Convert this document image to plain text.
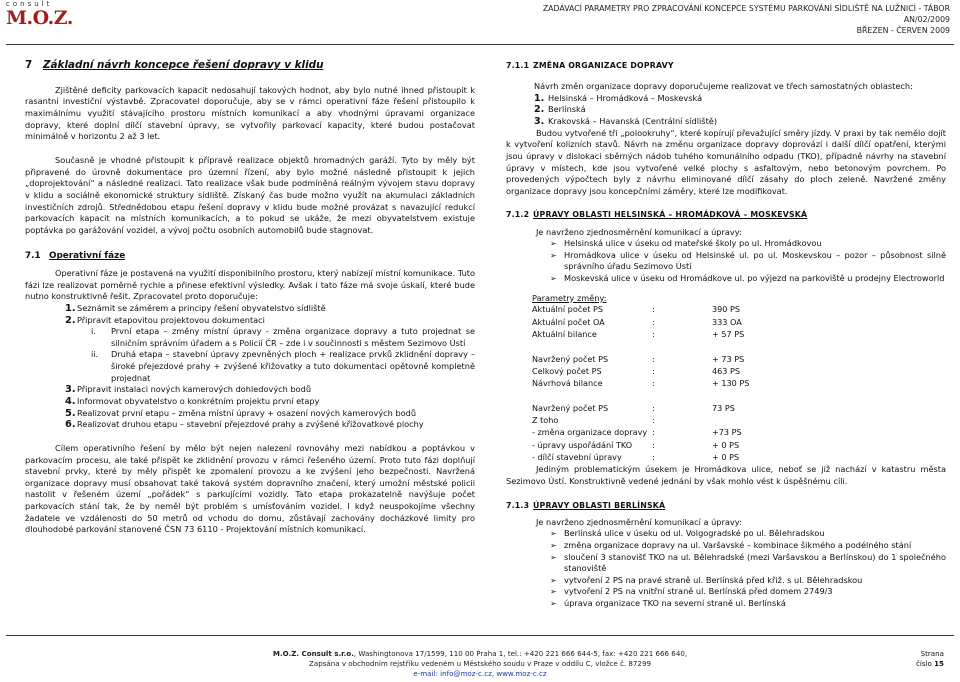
consult
M.O.Z.	ZADÁVACÍ PARAMETRY PRO ZPRACOVÁNÍ KONCEPCE SYSTÉMU PARKOVÁNÍ SÍDLIŠTĚ NA LUŽNICÍ - TÁBOR
AN/02/2009
BŘEZEN - ČERVEN 2009
7 Základní návrh koncepce řešení dopravy v klidu

Zjištěné deficity parkovacích kapacit nedosahují takových hodnot, aby bylo nutné ihned přistoupit k rasantní investiční výstavbě. Zpracovatel doporučuje, aby se v rámci operativní fáze řešení přistoupilo k maximálnímu využití stávajícího prostoru místních komunikací a aby vhodnými úpravami organizace dopravy, které doplní dílčí stavební úpravy, se vytvořily parkovací kapacity, které budou postačovat minimálně v horizontu 2 až 3 let.

Současně je vhodné přistoupit k přípravě realizace objektů hromadných garáží. Tyto by měly být připravené do úrovně dokumentace pro územní řízení, aby bylo možné následně přistoupit k jejich „doprojektování“ a následné realizaci. Tato realizace však bude podmíněná reálným vývojem stavu dopravy v klidu a sociálně ekonomické struktury sídliště. Získaný čas bude možno využít na akumulaci základních investičních zdrojů. Střednědobou etapu řešení dopravy v klidu bude možné provázat s navazující redukcí parkovacích kapacit na místních komunikacích, a to pokud se ukáže, že mezi obyvatelstvem existuje poptávka po garážování vozidel, a vývoj počtu osobních automobilů bude stagnovat.

7.1 Operativní fáze

Operativní fáze je postavená na využití disponibilního prostoru, který nabízejí místní komunikace. Tuto fázi lze realizovat poměrně rychle a přinese efektivní výsledky. Avšak i tato fáze má svoje úskalí, které bude nutno konstruktivně řešit. Zpracovatel proto doporučuje:

1. Seznámit se záměrem a principy řešení obyvatelstvo sídliště
2. Připravit etapovitou projektovou dokumentaci
i. První etapa – změny místní úpravy - změna organizace dopravy a tuto projednat se silničním správním úřadem a s Policií ČR – zde i v součinnosti s městem Sezimovo Ústí
ii. Druhá etapa – stavební úpravy zpevněných ploch + realizace prvků zklidnění dopravy – široké přejezdové prahy + zvýšené křižovatky a tuto dokumentaci opětovně kompletně projednat
3. Připravit instalaci nových kamerových dohledových bodů
4. Informovat obyvatelstvo o konkrétním projektu první etapy
5. Realizovat první etapu – změna místní úpravy + osazení nových kamerových bodů
6. Realizovat druhou etapu – stavební přejezdové prahy a zvýšené křižovatkové plochy

Cílem operativního řešení by mělo být nejen nalezení rovnováhy mezi nabídkou a poptávkou v parkovacím procesu, ale také přispět ke zklidnění provozu v rámci řešeného území. Proto tuto fázi doplňují stavební prvky, které by měly přispět ke zpomalení provozu a ke zvýšení jeho bezpečnosti. Navržená organizace dopravy musí obsahovat také taková systém dopravního značení, který umožní městské policii nastolit v řešeném území „pořádek“ s parkujícími vozidly. Tato etapa prokazatelně navýšuje počet parkovacích stání tak, že by neměl být problém s umísťováním vozidel. I když neuspokojíme všechny žadatele ve vzdálenosti do 50 metrů od vchodu do domu, zůstávají zachovány docházkové limity pro dlouhodobé parkování stanovené ČSN 73 6110 - Projektování místních komunikací.

7.1.1 ZMĚNA ORGANIZACE DOPRAVY

Návrh změn organizace dopravy doporučujeme realizovat ve třech samostatných oblastech:

1. Helsinská – Hromádková – Moskevská
2. Berlínská
3. Krakovská – Havanská (Centrální sídliště)

Budou vytvořené tři „polookruhy“, které kopírují převažující směry jízdy. V praxi by tak nemělo dojít k vytvoření kolizních stavů. Návrh na změnu organizace dopravy doprovází i další dílčí opatření, kterými jsou úpravy v dislokaci sběrných nádob tuhého komunálního odpadu (TKO), případně návrhy na stavební úpravy v místech, kde jsou vytvořené velké plochy s asfaltovým, nebo betonovým povrchem. Po provedených výpočtech byly z návrhu eliminované dílčí zásahy do ploch zeleně. Navržené změny organizace dopravy jsou koncepčními záměry, které lze modifikovat.

7.1.2 ÚPRAVY OBLASTI HELSINSKÁ – HROMÁDKOVÁ – MOSKEVSKÁ

Je navrženo zjednosměrnění komunikací a úpravy:

➢ Helsinská ulice v úseku od mateřské školy po ul. Hromádkovou
➢ Hromádkova ulice v úseku od Helsinské ul. po ul. Moskevskou – pozor – působnost silně správního úřadu Sezimovo Ústí
➢ Moskevská ulice v úseku od Hromádkove ul. po výjezd na parkoviště u prodejny Electroworld

Parametry změny:

Aktuální počet PS	:	390 PS
Aktuální počet OA	:	333 OA
Aktuální bilance	:	+ 57 PS

Navržený počet PS	:	+ 73 PS
Celkový počet PS	:	463 PS
Návrhová bilance	:	+ 130 PS

Navržený počet PS	:	73 PS
Z toho	:	
- změna organizace dopravy	:	+73 PS
- úpravy uspořádání TKO	:	+ 0 PS
- dílčí stavební úpravy	:	+ 0 PS

Jediným problematickým úsekem je Hromádkova ulice, neboť se již nachází v katastru města Sezimovo Ústí. Konstruktivně vedené jednání by však mohlo vést k úspěšnému cíli.

7.1.3 ÚPRAVY OBLASTI BERLÍNSKÁ

Je navrženo zjednosměrnění komunikací a úpravy:

➢ Berlínská ulice v úseku od ul. Volgogradské po ul. Bělehradskou
➢ změna organizace dopravy na ul. Varšavské – kombinace šikmého a podélného stání
➢ sloučení 3 stanovišť TKO na ul. Bělehradské (mezi Varšavskou a Berlínskou) do 1 společného stanoviště
➢ vytvoření 2 PS na pravé straně ul. Berlínská před křiž. s ul. Bělehradskou
➢ vytvoření 2 PS na vnitřní straně ul. Berlínská před domem 2749/3
➢ úprava organizace TKO na severní straně ul. Berlínská
M.O.Z. Consult s.r.o., Washingtonova 17/1599, 110 00 Praha 1, tel.: +420 221 666 644-5, fax: +420 221 666 640,
Zapsána v obchodním rejstříku vedeném u Městského soudu v Praze v oddílu C, vložce č. 87299
e-mail: info@moz-c.cz, www.moz-c.cz
Strana
číslo 15
